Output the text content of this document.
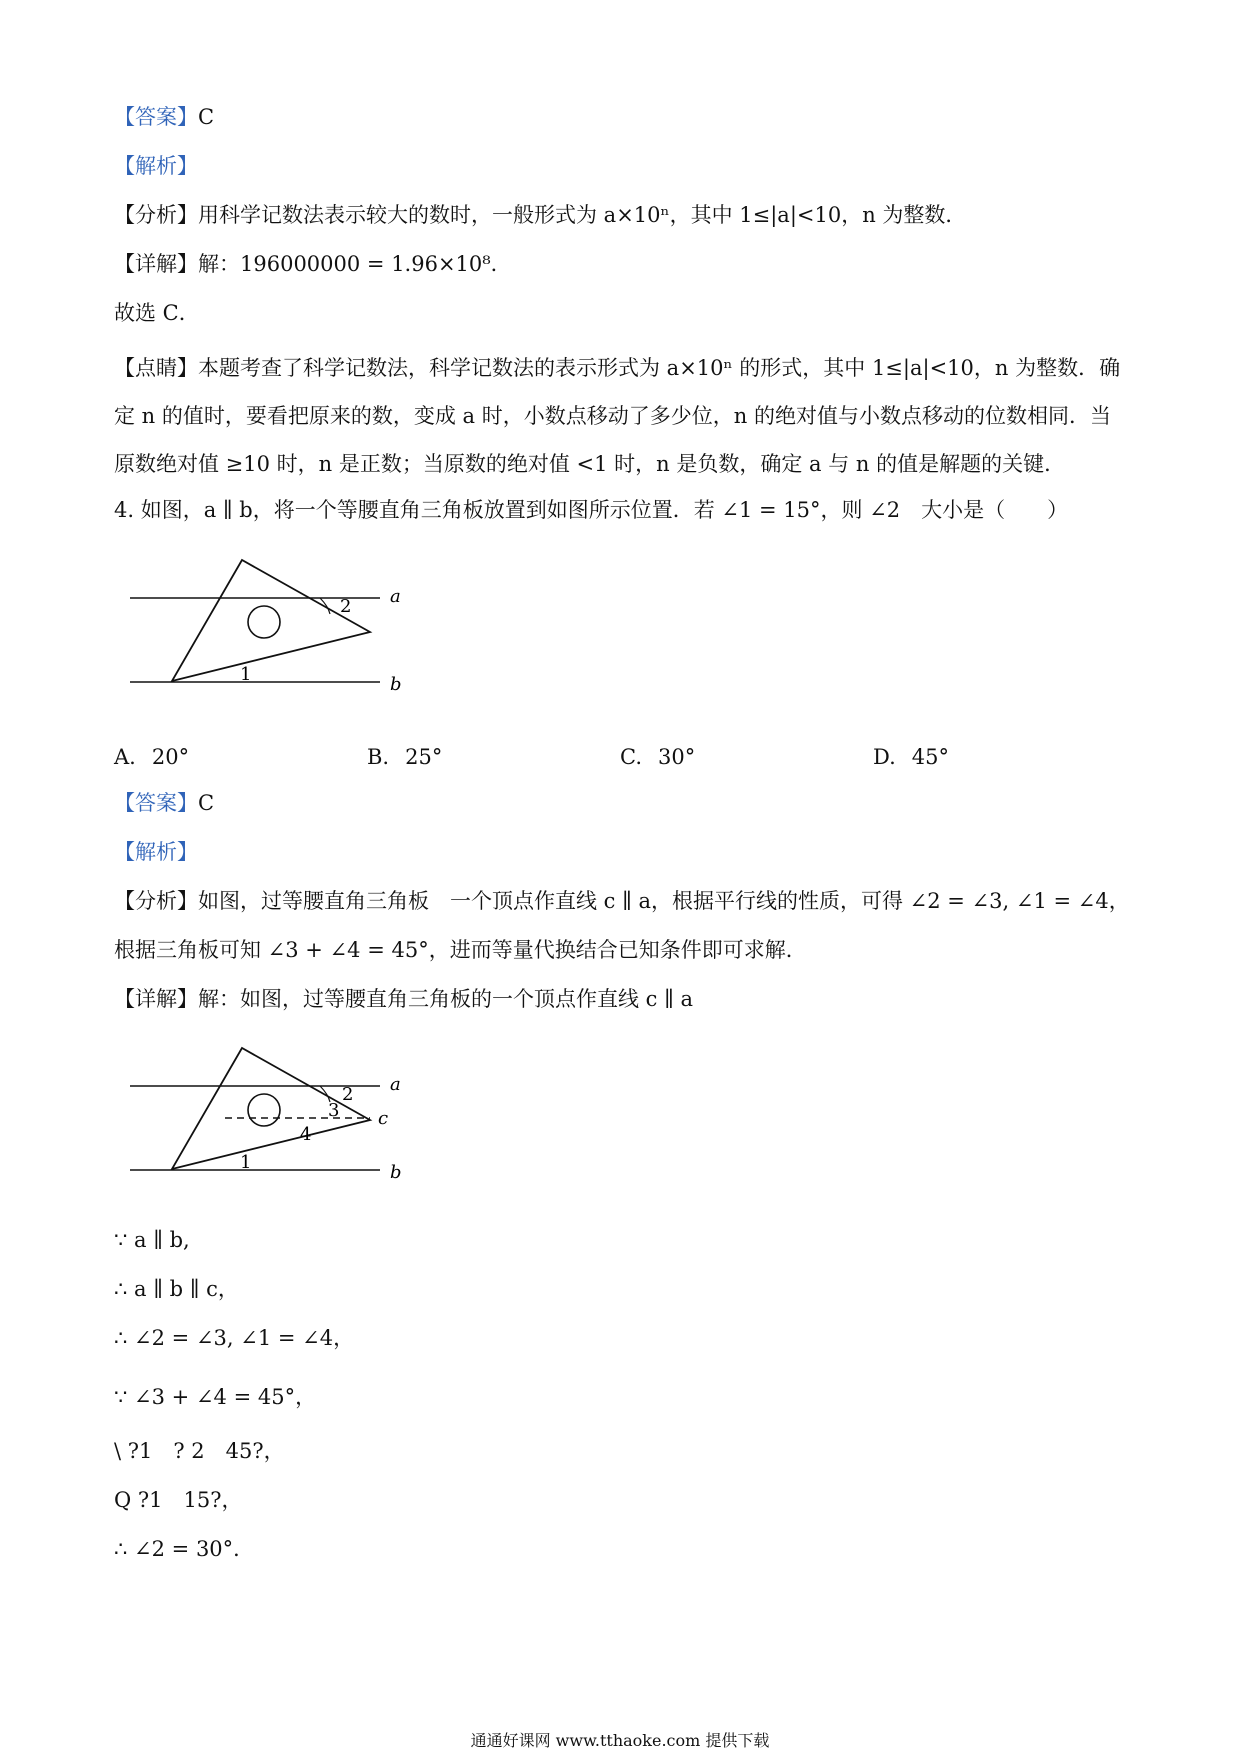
【答案】C
【解析】
【分析】用科学记数法表示较大的数时，一般形式为 a×10ⁿ，其中 1≤|a|<10，n 为整数．
【详解】解：196000000 = 1.96×10⁸．
故选 C．
【点睛】本题考查了科学记数法，科学记数法的表示形式为 a×10ⁿ 的形式，其中 1≤|a|<10，n 为整数．确定 n 的值时，要看把原来的数，变成 a 时，小数点移动了多少位，n 的绝对值与小数点移动的位数相同．当原数绝对值 ≥10 时，n 是正数；当原数的绝对值 <1 时，n 是负数，确定 a 与 n 的值是解题的关键．
4. 如图，a ∥ b，将一个等腰直角三角板放置到如图所示位置．若 ∠1 = 15°，则 ∠2　大小是（　　）
a
b
1
2
A. 20°	B. 25°	C. 30°	D. 45°
【答案】C
【解析】
【分析】如图，过等腰直角三角板　一个顶点作直线 c ∥ a，根据平行线的性质，可得 ∠2 = ∠3, ∠1 = ∠4，
根据三角板可知 ∠3 + ∠4 = 45°，进而等量代换结合已知条件即可求解．
【详解】解：如图，过等腰直角三角板的一个顶点作直线 c ∥ a
a
b
c
1
2
3
4
∵ a ∥ b,
∴ a ∥ b ∥ c，
∴ ∠2 = ∠3, ∠1 = ∠4，
∵ ∠3 + ∠4 = 45°，
\ ?1　? 2　45?，
Q ?1　15?，
∴ ∠2 = 30°．
通通好课网 www.tthaoke.com 提供下载
